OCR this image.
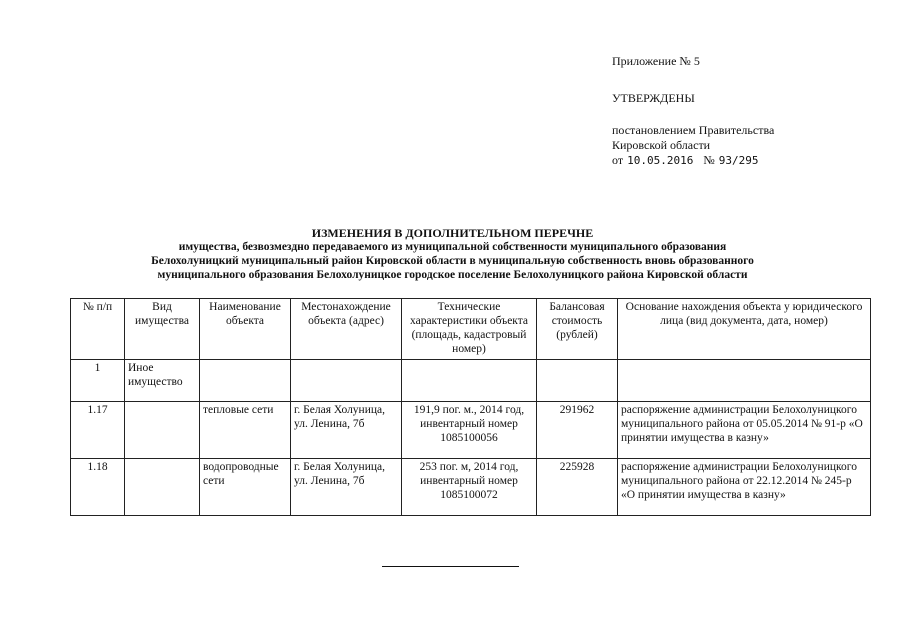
Приложение № 5
УТВЕРЖДЕНЫ
постановлением Правительства
Кировской области
от 10.05.2016 № 93/295
ИЗМЕНЕНИЯ В ДОПОЛНИТЕЛЬНОМ ПЕРЕЧНЕ
имущества, безвозмездно передаваемого из муниципальной собственности муниципального образования
Белохолуницкий муниципальный район Кировской области в муниципальную собственность вновь образованного
муниципального образования Белохолуницкое городское поселение Белохолуницкого района Кировской области
№ п/п	Вид имущества	Наименование объекта	Местонахождение объекта (адрес)	Технические характеристики объекта (площадь, кадастровый номер)	Балансовая стоимость (рублей)	Основание нахождения объекта у юридического лица (вид документа, дата, номер)
1	Иное имущество					
1.17		тепловые сети	г. Белая Холуница, ул. Ленина, 7б	191,9 пог. м., 2014 год, инвентарный номер 1085100056	291962	распоряжение администрации Белохолуницкого муниципального района от 05.05.2014 № 91-р «О принятии имущества в казну»
1.18		водопроводные сети	г. Белая Холуница, ул. Ленина, 7б	253 пог. м, 2014 год, инвентарный номер 1085100072	225928	распоряжение администрации Белохолуницкого муниципального района от 22.12.2014 № 245-р «О принятии имущества в казну»
